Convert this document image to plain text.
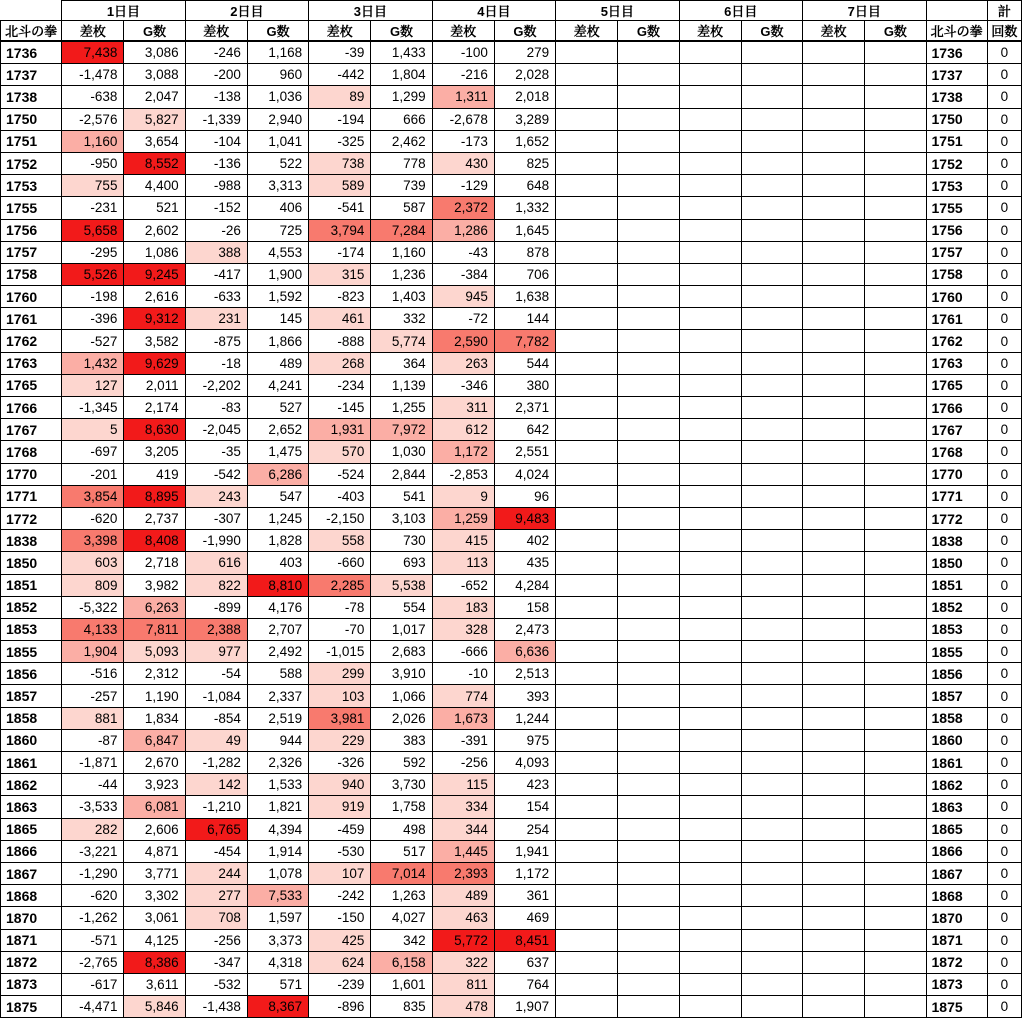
	1日目		2日目		3日目		4日目		5日目		6日目		7日目			計
北斗の拳	差枚	G数	差枚	G数	差枚	G数	差枚	G数	差枚	G数	差枚	G数	差枚	G数	北斗の拳	回数
1736	7,438	3,086	-246	1,168	-39	1,433	-100	279							1736	0
1737	-1,478	3,088	-200	960	-442	1,804	-216	2,028							1737	0
1738	-638	2,047	-138	1,036	89	1,299	1,311	2,018							1738	0
1750	-2,576	5,827	-1,339	2,940	-194	666	-2,678	3,289							1750	0
1751	1,160	3,654	-104	1,041	-325	2,462	-173	1,652							1751	0
1752	-950	8,552	-136	522	738	778	430	825							1752	0
1753	755	4,400	-988	3,313	589	739	-129	648							1753	0
1755	-231	521	-152	406	-541	587	2,372	1,332							1755	0
1756	5,658	2,602	-26	725	3,794	7,284	1,286	1,645							1756	0
1757	-295	1,086	388	4,553	-174	1,160	-43	878							1757	0
1758	5,526	9,245	-417	1,900	315	1,236	-384	706							1758	0
1760	-198	2,616	-633	1,592	-823	1,403	945	1,638							1760	0
1761	-396	9,312	231	145	461	332	-72	144							1761	0
1762	-527	3,582	-875	1,866	-888	5,774	2,590	7,782							1762	0
1763	1,432	9,629	-18	489	268	364	263	544							1763	0
1765	127	2,011	-2,202	4,241	-234	1,139	-346	380							1765	0
1766	-1,345	2,174	-83	527	-145	1,255	311	2,371							1766	0
1767	5	8,630	-2,045	2,652	1,931	7,972	612	642							1767	0
1768	-697	3,205	-35	1,475	570	1,030	1,172	2,551							1768	0
1770	-201	419	-542	6,286	-524	2,844	-2,853	4,024							1770	0
1771	3,854	8,895	243	547	-403	541	9	96							1771	0
1772	-620	2,737	-307	1,245	-2,150	3,103	1,259	9,483							1772	0
1838	3,398	8,408	-1,990	1,828	558	730	415	402							1838	0
1850	603	2,718	616	403	-660	693	113	435							1850	0
1851	809	3,982	822	8,810	2,285	5,538	-652	4,284							1851	0
1852	-5,322	6,263	-899	4,176	-78	554	183	158							1852	0
1853	4,133	7,811	2,388	2,707	-70	1,017	328	2,473							1853	0
1855	1,904	5,093	977	2,492	-1,015	2,683	-666	6,636							1855	0
1856	-516	2,312	-54	588	299	3,910	-10	2,513							1856	0
1857	-257	1,190	-1,084	2,337	103	1,066	774	393							1857	0
1858	881	1,834	-854	2,519	3,981	2,026	1,673	1,244							1858	0
1860	-87	6,847	49	944	229	383	-391	975							1860	0
1861	-1,871	2,670	-1,282	2,326	-326	592	-256	4,093							1861	0
1862	-44	3,923	142	1,533	940	3,730	115	423							1862	0
1863	-3,533	6,081	-1,210	1,821	919	1,758	334	154							1863	0
1865	282	2,606	6,765	4,394	-459	498	344	254							1865	0
1866	-3,221	4,871	-454	1,914	-530	517	1,445	1,941							1866	0
1867	-1,290	3,771	244	1,078	107	7,014	2,393	1,172							1867	0
1868	-620	3,302	277	7,533	-242	1,263	489	361							1868	0
1870	-1,262	3,061	708	1,597	-150	4,027	463	469							1870	0
1871	-571	4,125	-256	3,373	425	342	5,772	8,451							1871	0
1872	-2,765	8,386	-347	4,318	624	6,158	322	637							1872	0
1873	-617	3,611	-532	571	-239	1,601	811	764							1873	0
1875	-4,471	5,846	-1,438	8,367	-896	835	478	1,907							1875	0
